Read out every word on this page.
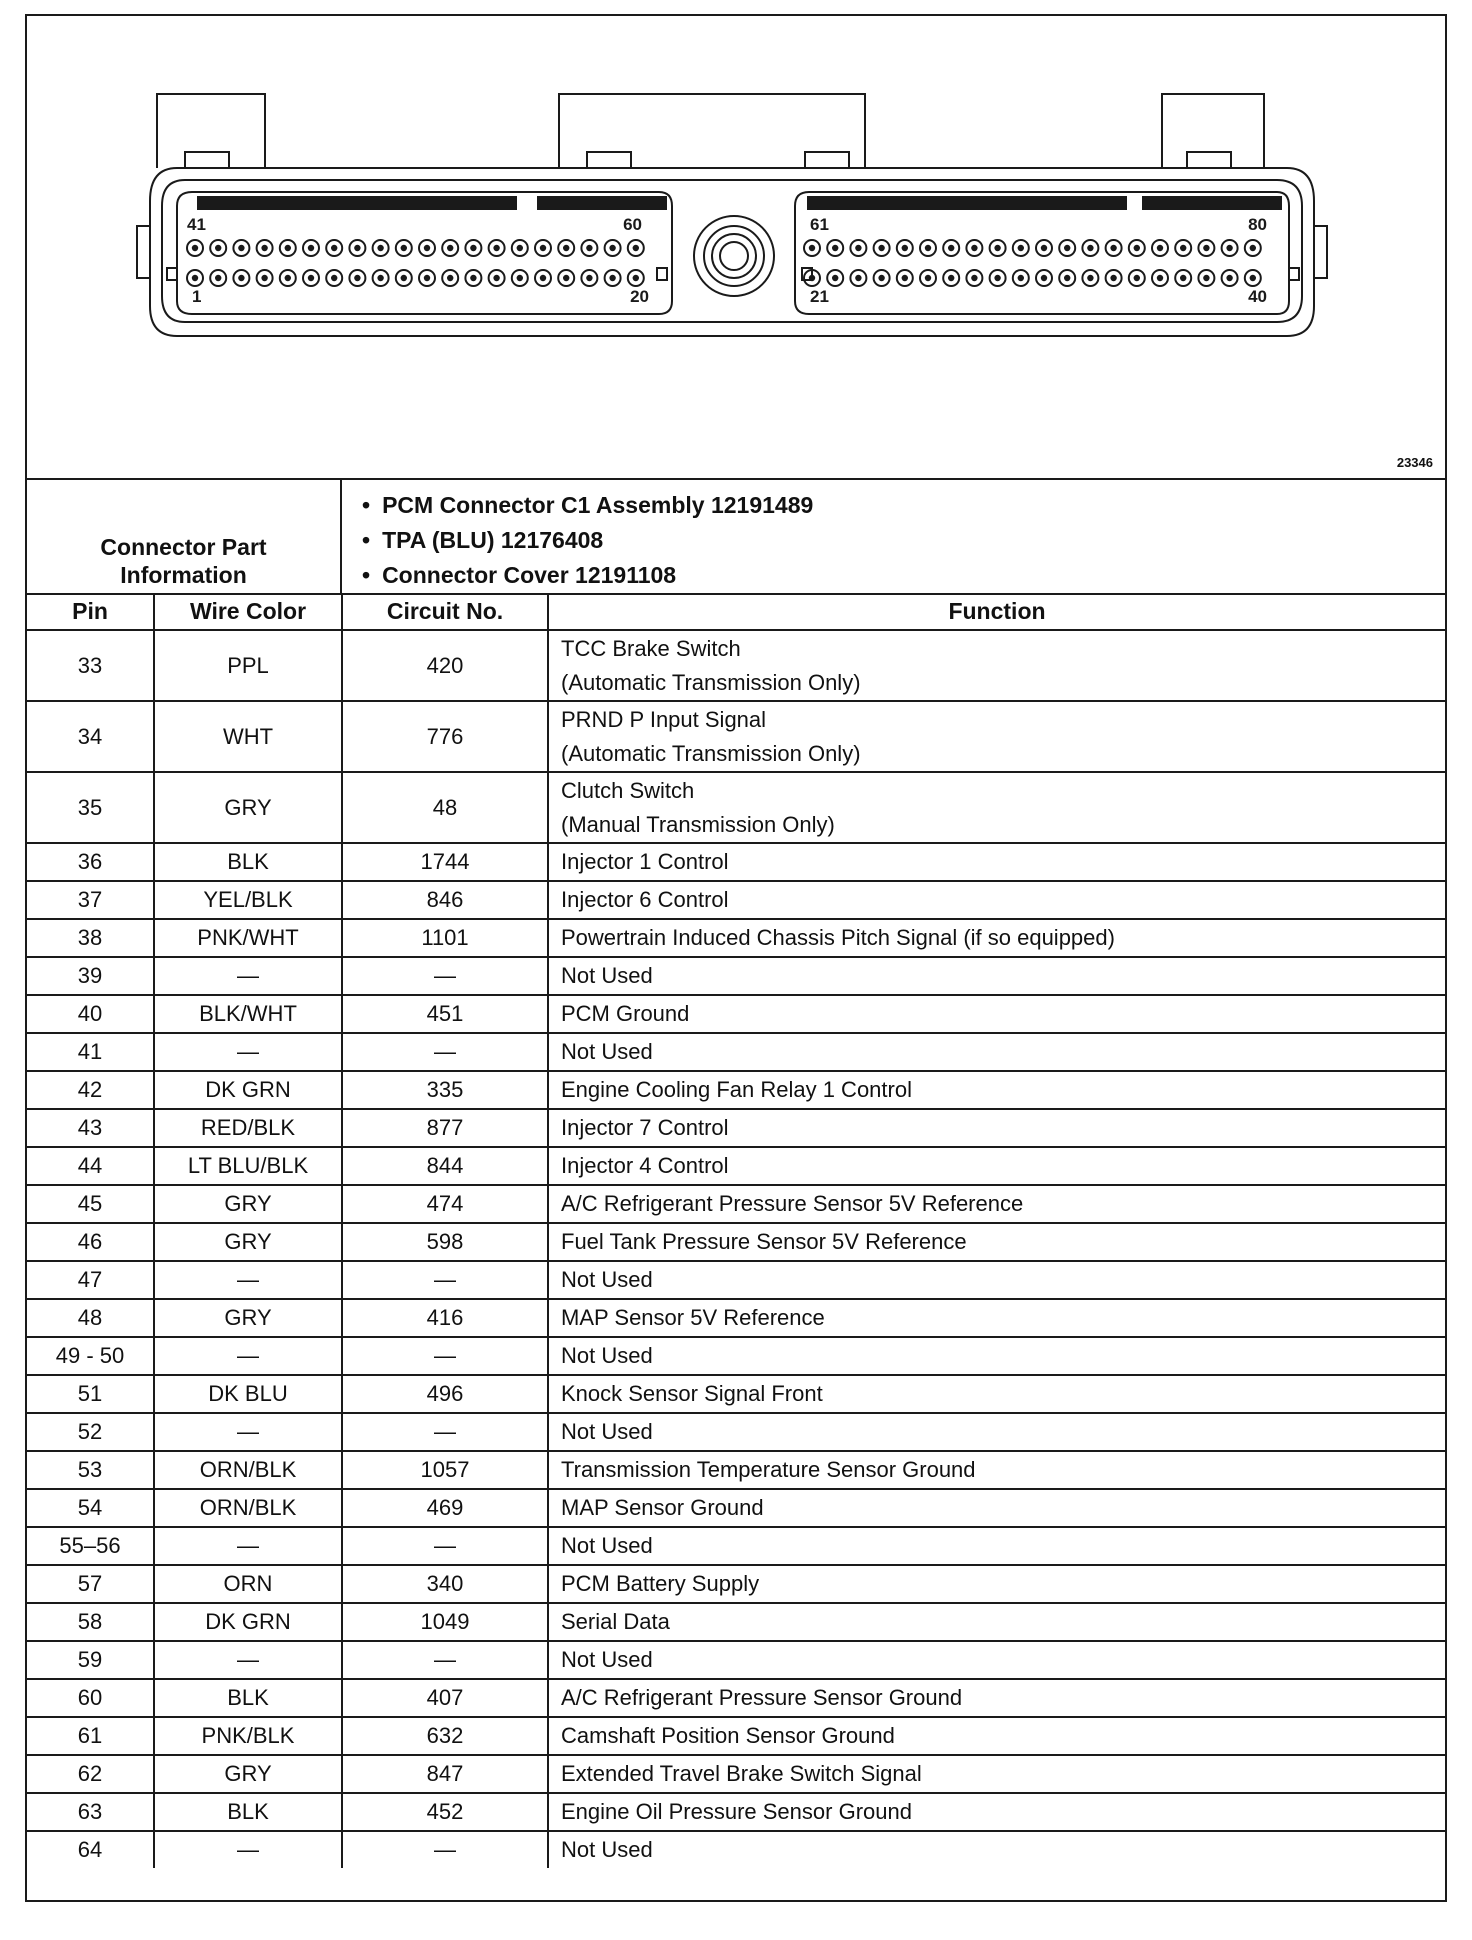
41	60
1	20
61	80
21	40
23346
Connector Part Information
• PCM Connector C1 Assembly 12191489
• TPA (BLU) 12176408
• Connector Cover 12191108
Pin	Wire Color	Circuit No.	Function
33	PPL	420	TCC Brake Switch
(Automatic Transmission Only)

34	WHT	776	PRND P Input Signal
(Automatic Transmission Only)

35	GRY	48	Clutch Switch
(Manual Transmission Only)

36	BLK	1744	Injector 1 Control

37	YEL/BLK	846	Injector 6 Control

38	PNK/WHT	1101	Powertrain Induced Chassis Pitch Signal (if so equipped)

39	—	—	Not Used

40	BLK/WHT	451	PCM Ground

41	—	—	Not Used

42	DK GRN	335	Engine Cooling Fan Relay 1 Control

43	RED/BLK	877	Injector 7 Control

44	LT BLU/BLK	844	Injector 4 Control

45	GRY	474	A/C Refrigerant Pressure Sensor 5V Reference

46	GRY	598	Fuel Tank Pressure Sensor 5V Reference

47	—	—	Not Used

48	GRY	416	MAP Sensor 5V Reference

49 - 50	—	—	Not Used

51	DK BLU	496	Knock Sensor Signal Front

52	—	—	Not Used

53	ORN/BLK	1057	Transmission Temperature Sensor Ground

54	ORN/BLK	469	MAP Sensor Ground

55–56	—	—	Not Used

57	ORN	340	PCM Battery Supply

58	DK GRN	1049	Serial Data

59	—	—	Not Used

60	BLK	407	A/C Refrigerant Pressure Sensor Ground

61	PNK/BLK	632	Camshaft Position Sensor Ground

62	GRY	847	Extended Travel Brake Switch Signal

63	BLK	452	Engine Oil Pressure Sensor Ground

64	—	—	Not Used
